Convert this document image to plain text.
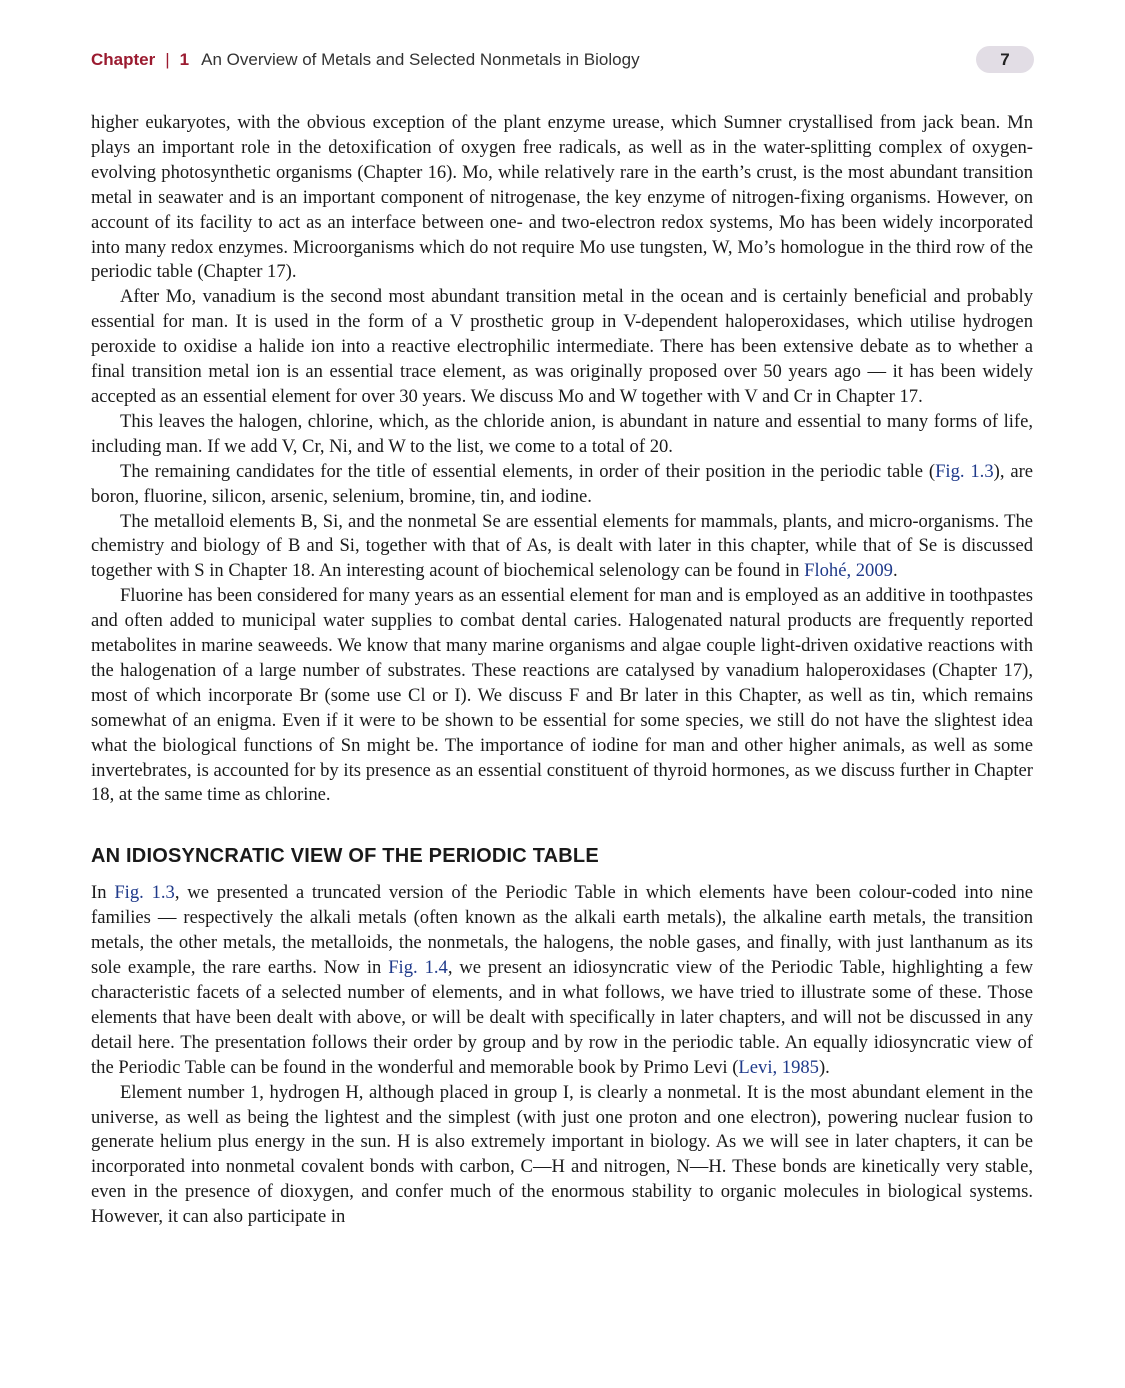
Chapter | 1 An Overview of Metals and Selected Nonmetals in Biology	7

higher eukaryotes, with the obvious exception of the plant enzyme urease, which Sumner crystallised from jack bean. Mn plays an important role in the detoxification of oxygen free radicals, as well as in the water-splitting complex of oxygen-evolving photosynthetic organisms (Chapter 16). Mo, while relatively rare in the earth’s crust, is the most abundant transition metal in seawater and is an important component of nitrogenase, the key enzyme of nitrogen-fixing organisms. However, on account of its facility to act as an interface between one- and two-electron redox systems, Mo has been widely incorporated into many redox enzymes. Microorganisms which do not require Mo use tungsten, W, Mo’s homologue in the third row of the periodic table (Chapter 17).

After Mo, vanadium is the second most abundant transition metal in the ocean and is certainly beneficial and probably essential for man. It is used in the form of a V prosthetic group in V-dependent haloperoxidases, which utilise hydrogen peroxide to oxidise a halide ion into a reactive electrophilic intermediate. There has been extensive debate as to whether a final transition metal ion is an essential trace element, as was originally proposed over 50 years ago — it has been widely accepted as an essential element for over 30 years. We discuss Mo and W together with V and Cr in Chapter 17.

This leaves the halogen, chlorine, which, as the chloride anion, is abundant in nature and essential to many forms of life, including man. If we add V, Cr, Ni, and W to the list, we come to a total of 20.

The remaining candidates for the title of essential elements, in order of their position in the periodic table (Fig. 1.3), are boron, fluorine, silicon, arsenic, selenium, bromine, tin, and iodine.

The metalloid elements B, Si, and the nonmetal Se are essential elements for mammals, plants, and micro-organisms. The chemistry and biology of B and Si, together with that of As, is dealt with later in this chapter, while that of Se is discussed together with S in Chapter 18. An interesting acount of biochemical selenology can be found in Flohé, 2009.

Fluorine has been considered for many years as an essential element for man and is employed as an additive in toothpastes and often added to municipal water supplies to combat dental caries. Halogenated natural products are frequently reported metabolites in marine seaweeds. We know that many marine organisms and algae couple light-driven oxidative reactions with the halogenation of a large number of substrates. These reactions are catalysed by vanadium haloperoxidases (Chapter 17), most of which incorporate Br (some use Cl or I). We discuss F and Br later in this Chapter, as well as tin, which remains somewhat of an enigma. Even if it were to be shown to be essential for some species, we still do not have the slightest idea what the biological functions of Sn might be. The importance of iodine for man and other higher animals, as well as some invertebrates, is accounted for by its presence as an essential constituent of thyroid hormones, as we discuss further in Chapter 18, at the same time as chlorine.

AN IDIOSYNCRATIC VIEW OF THE PERIODIC TABLE

In Fig. 1.3, we presented a truncated version of the Periodic Table in which elements have been colour-coded into nine families — respectively the alkali metals (often known as the alkali earth metals), the alkaline earth metals, the transition metals, the other metals, the metalloids, the nonmetals, the halogens, the noble gases, and finally, with just lanthanum as its sole example, the rare earths. Now in Fig. 1.4, we present an idiosyncratic view of the Periodic Table, highlighting a few characteristic facets of a selected number of elements, and in what follows, we have tried to illustrate some of these. Those elements that have been dealt with above, or will be dealt with specifically in later chapters, and will not be discussed in any detail here. The presentation follows their order by group and by row in the periodic table. An equally idiosyncratic view of the Periodic Table can be found in the wonderful and memorable book by Primo Levi (Levi, 1985).

Element number 1, hydrogen H, although placed in group I, is clearly a nonmetal. It is the most abundant element in the universe, as well as being the lightest and the simplest (with just one proton and one electron), powering nuclear fusion to generate helium plus energy in the sun. H is also extremely important in biology. As we will see in later chapters, it can be incorporated into nonmetal covalent bonds with carbon, C—H and nitrogen, N—H. These bonds are kinetically very stable, even in the presence of dioxygen, and confer much of the enormous stability to organic molecules in biological systems. However, it can also participate in
